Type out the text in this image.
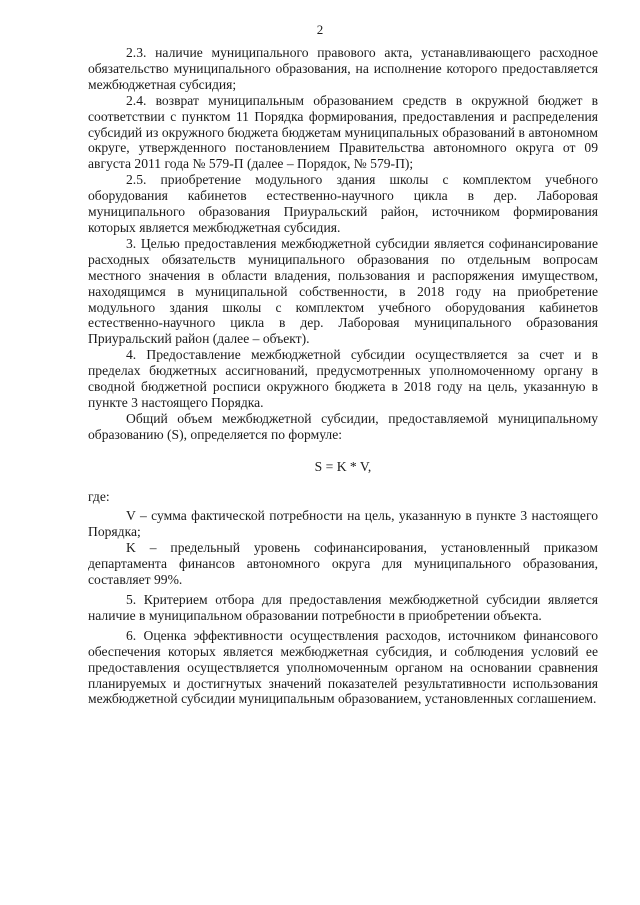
2

2.3. наличие муниципального правового акта, устанавливающего расходное обязательство муниципального образования, на исполнение которого предоставляется межбюджетная субсидия;

2.4. возврат муниципальным образованием средств в окружной бюджет в соответствии с пунктом 11 Порядка формирования, предоставления и распределения субсидий из окружного бюджета бюджетам муниципальных образований в автономном округе, утвержденного постановлением Правительства автономного округа от 09 августа 2011 года № 579-П (далее – Порядок, № 579-П);

2.5. приобретение модульного здания школы с комплектом учебного оборудования кабинетов естественно-научного цикла в дер. Лаборовая муниципального образования Приуральский район, источником формирования которых является межбюджетная субсидия.

3. Целью предоставления межбюджетной субсидии является софинансирование расходных обязательств муниципального образования по отдельным вопросам местного значения в области владения, пользования и распоряжения имуществом, находящимся в муниципальной собственности, в 2018 году на приобретение модульного здания школы с комплектом учебного оборудования кабинетов естественно-научного цикла в дер. Лаборовая муниципального образования Приуральский район (далее – объект).

4. Предоставление межбюджетной субсидии осуществляется за счет и в пределах бюджетных ассигнований, предусмотренных уполномоченному органу в сводной бюджетной росписи окружного бюджета в 2018 году на цель, указанную в пункте 3 настоящего Порядка.

Общий объем межбюджетной субсидии, предоставляемой муниципальному образованию (S), определяется по формуле:

S = K * V,

где:

V – сумма фактической потребности на цель, указанную в пункте 3 настоящего Порядка;

K – предельный уровень софинансирования, установленный приказом департамента финансов автономного округа для муниципального образования, составляет 99%.

5. Критерием отбора для предоставления межбюджетной субсидии является наличие в муниципальном образовании потребности в приобретении объекта.

6. Оценка эффективности осуществления расходов, источником финансового обеспечения которых является межбюджетная субсидия, и соблюдения условий ее предоставления осуществляется уполномоченным органом на основании сравнения планируемых и достигнутых значений показателей результативности использования межбюджетной субсидии муниципальным образованием, установленных соглашением.
